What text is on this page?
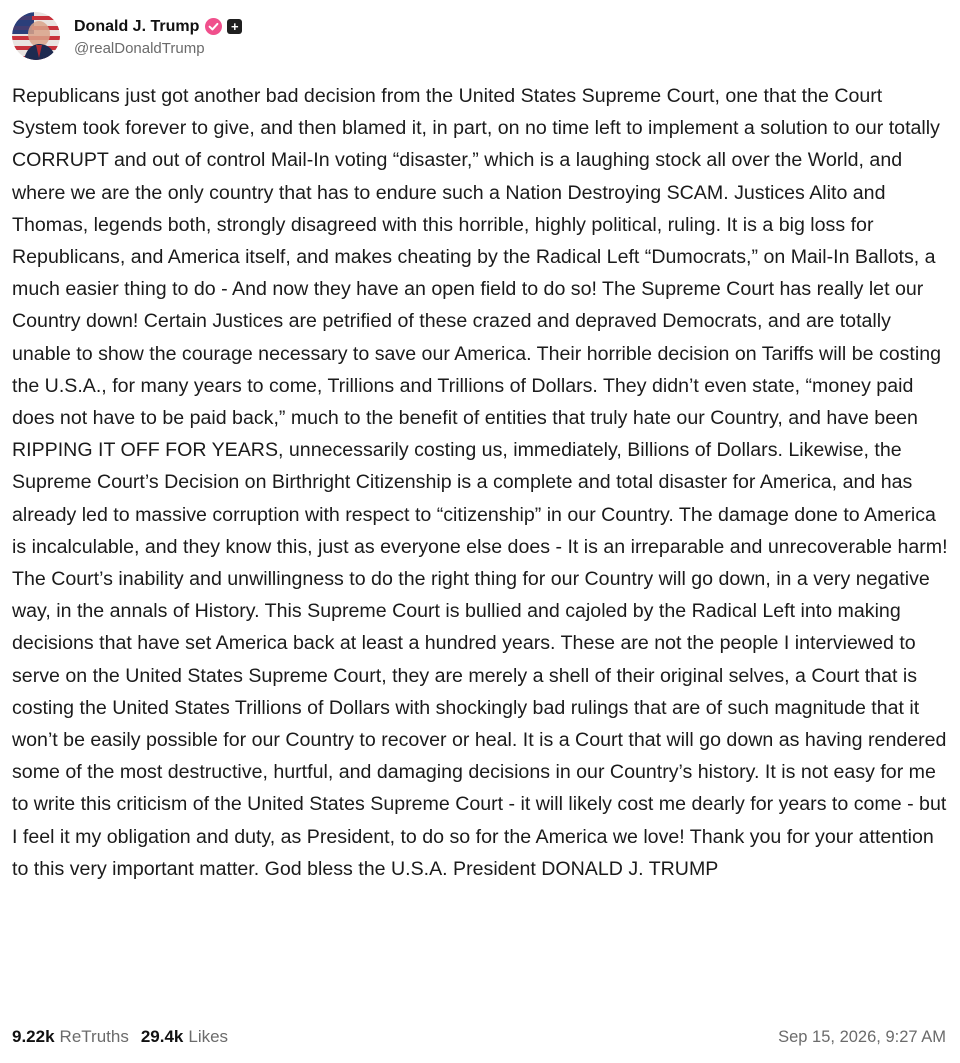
Donald J. Trump +
@realDonaldTrump
Republicans just got another bad decision from the United States Supreme Court, one that the Court System took forever to give, and then blamed it, in part, on no time left to implement a solution to our totally CORRUPT and out of control Mail-In voting “disaster,” which is a laughing stock all over the World, and where we are the only country that has to endure such a Nation Destroying SCAM. Justices Alito and Thomas, legends both, strongly disagreed with this horrible, highly political, ruling. It is a big loss for Republicans, and America itself, and makes cheating by the Radical Left “Dumocrats,” on Mail-In Ballots, a much easier thing to do - And now they have an open field to do so! The Supreme Court has really let our Country down! Certain Justices are petrified of these crazed and depraved Democrats, and are totally unable to show the courage necessary to save our America. Their horrible decision on Tariffs will be costing the U.S.A., for many years to come, Trillions and Trillions of Dollars. They didn’t even state, “money paid does not have to be paid back,” much to the benefit of entities that truly hate our Country, and have been RIPPING IT OFF FOR YEARS, unnecessarily costing us, immediately, Billions of Dollars. Likewise, the Supreme Court’s Decision on Birthright Citizenship is a complete and total disaster for America, and has already led to massive corruption with respect to “citizenship” in our Country. The damage done to America is incalculable, and they know this, just as everyone else does - It is an irreparable and unrecoverable harm! The Court’s inability and unwillingness to do the right thing for our Country will go down, in a very negative way, in the annals of History. This Supreme Court is bullied and cajoled by the Radical Left into making decisions that have set America back at least a hundred years. These are not the people I interviewed to serve on the United States Supreme Court, they are merely a shell of their original selves, a Court that is costing the United States Trillions of Dollars with shockingly bad rulings that are of such magnitude that it won’t be easily possible for our Country to recover or heal. It is a Court that will go down as having rendered some of the most destructive, hurtful, and damaging decisions in our Country’s history. It is not easy for me to write this criticism of the United States Supreme Court - it will likely cost me dearly for years to come - but I feel it my obligation and duty, as President, to do so for the America we love! Thank you for your attention to this very important matter. God bless the U.S.A. President DONALD J. TRUMP
9.22k ReTruths 29.4k Likes	Sep 15, 2026, 9:27 AM
